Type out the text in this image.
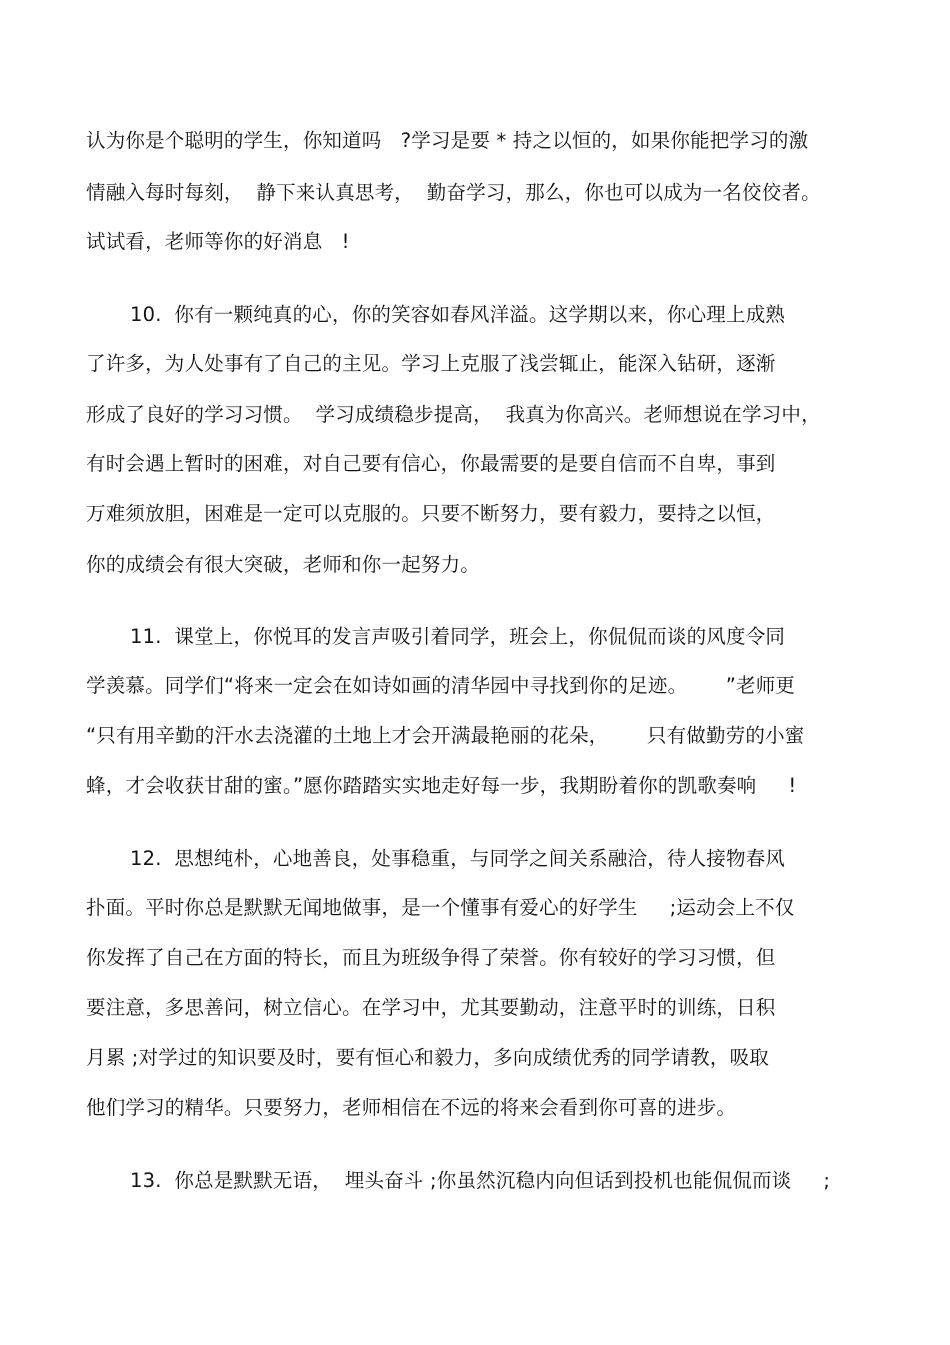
认为你是个聪明的学生，你知道吗   ?学习是要 * 持之以恒的，如果你能把学习的激
情融入每时每刻，  静下来认真思考，  勤奋学习，那么，你也可以成为一名佼佼者。
试试看，老师等你的好消息   !
10.  你有一颗纯真的心，你的笑容如春风洋溢。这学期以来，你心理上成熟
了许多，为人处事有了自己的主见。学习上克服了浅尝辄止，能深入钻研，逐渐
形成了良好的学习习惯。  学习成绩稳步提高，  我真为你高兴。老师想说在学习中，
有时会遇上暂时的困难，对自己要有信心，你最需要的是要自信而不自卑，事到
万难须放胆，困难是一定可以克服的。只要不断努力，要有毅力，要持之以恒，
你的成绩会有很大突破，老师和你一起努力。
11.  课堂上，你悦耳的发言声吸引着同学，班会上，你侃侃而谈的风度令同
学羡慕。同学们“将来一定会在如诗如画的清华园中寻找到你的足迹。      ”老师更
“只有用辛勤的汗水去浇灌的土地上才会开满最艳丽的花朵，      只有做勤劳的小蜜
蜂，才会收获甘甜的蜜。”愿你踏踏实实地走好每一步，我期盼着你的凯歌奏响     !
12.  思想纯朴，心地善良，处事稳重，与同学之间关系融洽，待人接物春风
扑面。平时你总是默默无闻地做事，是一个懂事有爱心的好学生     ;运动会上不仅
你发挥了自己在方面的特长，而且为班级争得了荣誉。你有较好的学习习惯，但
要注意，多思善问，树立信心。在学习中，尤其要勤动，注意平时的训练，日积
月累 ;对学过的知识要及时，要有恒心和毅力，多向成绩优秀的同学请教，吸取
他们学习的精华。只要努力，老师相信在不远的将来会看到你可喜的进步。
13.  你总是默默无语，  埋头奋斗 ;你虽然沉稳内向但话到投机也能侃侃而谈     ;
